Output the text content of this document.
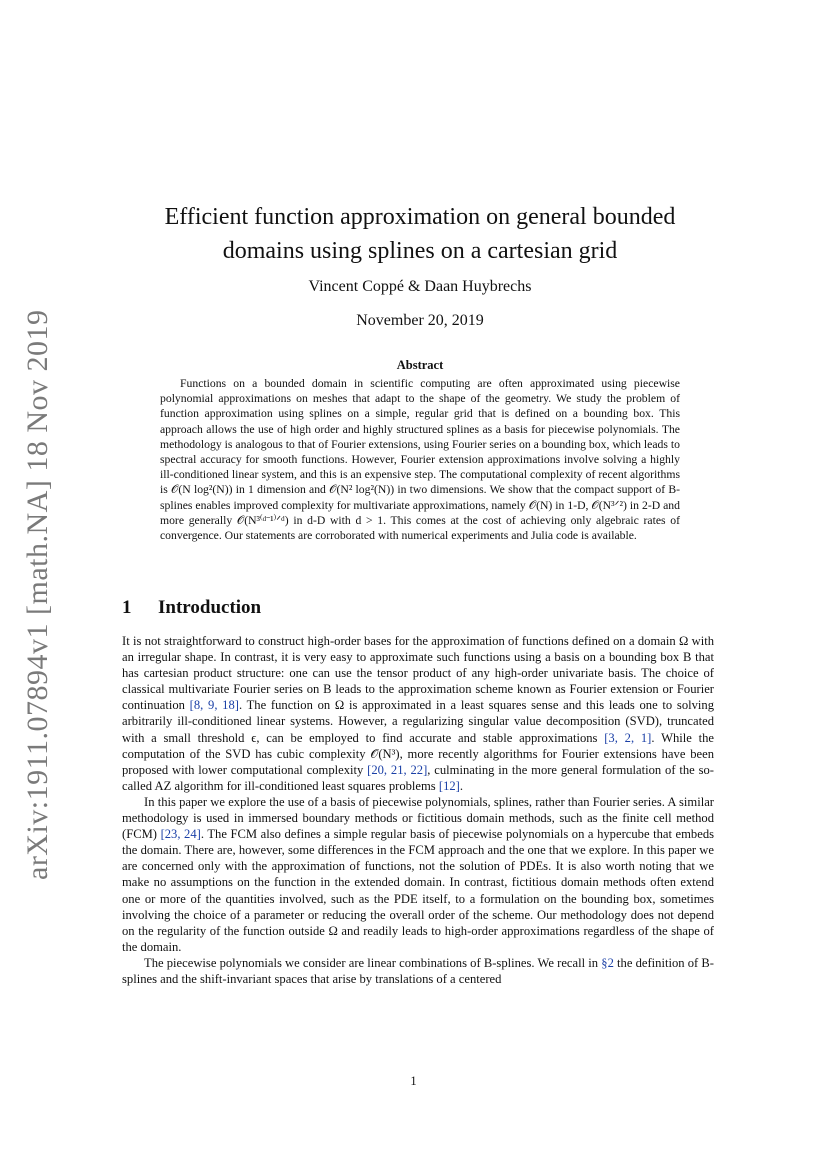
arXiv:1911.07894v1 [math.NA] 18 Nov 2019
Efficient function approximation on general bounded
domains using splines on a cartesian grid
Vincent Coppé & Daan Huybrechs
November 20, 2019
Abstract
Functions on a bounded domain in scientific computing are often approximated using piecewise polynomial approximations on meshes that adapt to the shape of the geometry. We study the problem of function approximation using splines on a simple, regular grid that is defined on a bounding box. This approach allows the use of high order and highly structured splines as a basis for piecewise polynomials. The methodology is analogous to that of Fourier extensions, using Fourier series on a bounding box, which leads to spectral accuracy for smooth functions. However, Fourier extension approximations involve solving a highly ill-conditioned linear system, and this is an expensive step. The computational complexity of recent algorithms is 𝒪(N log²(N)) in 1 dimension and 𝒪(N² log²(N)) in two dimensions. We show that the compact support of B-splines enables improved complexity for multivariate approximations, namely 𝒪(N) in 1-D, 𝒪(N³ᐟ²) in 2-D and more generally 𝒪(N³⁽ᵈ⁻¹⁾ᐟᵈ) in d-D with d > 1. This comes at the cost of achieving only algebraic rates of convergence. Our statements are corroborated with numerical experiments and Julia code is available.
1 Introduction

It is not straightforward to construct high-order bases for the approximation of functions defined on a domain Ω with an irregular shape. In contrast, it is very easy to approximate such functions using a basis on a bounding box B that has cartesian product structure: one can use the tensor product of any high-order univariate basis. The choice of classical multivariate Fourier series on B leads to the approximation scheme known as Fourier extension or Fourier continuation [8, 9, 18]. The function on Ω is approximated in a least squares sense and this leads one to solving arbitrarily ill-conditioned linear systems. However, a regularizing singular value decomposition (SVD), truncated with a small threshold ϵ, can be employed to find accurate and stable approximations [3, 2, 1]. While the computation of the SVD has cubic complexity 𝒪(N³), more recently algorithms for Fourier extensions have been proposed with lower computational complexity [20, 21, 22], culminating in the more general formulation of the so-called AZ algorithm for ill-conditioned least squares problems [12].

In this paper we explore the use of a basis of piecewise polynomials, splines, rather than Fourier series. A similar methodology is used in immersed boundary methods or fictitious domain methods, such as the finite cell method (FCM) [23, 24]. The FCM also defines a simple regular basis of piecewise polynomials on a hypercube that embeds the domain. There are, however, some differences in the FCM approach and the one that we explore. In this paper we are concerned only with the approximation of functions, not the solution of PDEs. It is also worth noting that we make no assumptions on the function in the extended domain. In contrast, fictitious domain methods often extend one or more of the quantities involved, such as the PDE itself, to a formulation on the bounding box, sometimes involving the choice of a parameter or reducing the overall order of the scheme. Our methodology does not depend on the regularity of the function outside Ω and readily leads to high-order approximations regardless of the shape of the domain.

The piecewise polynomials we consider are linear combinations of B-splines. We recall in §2 the definition of B-splines and the shift-invariant spaces that arise by translations of a centered

1
